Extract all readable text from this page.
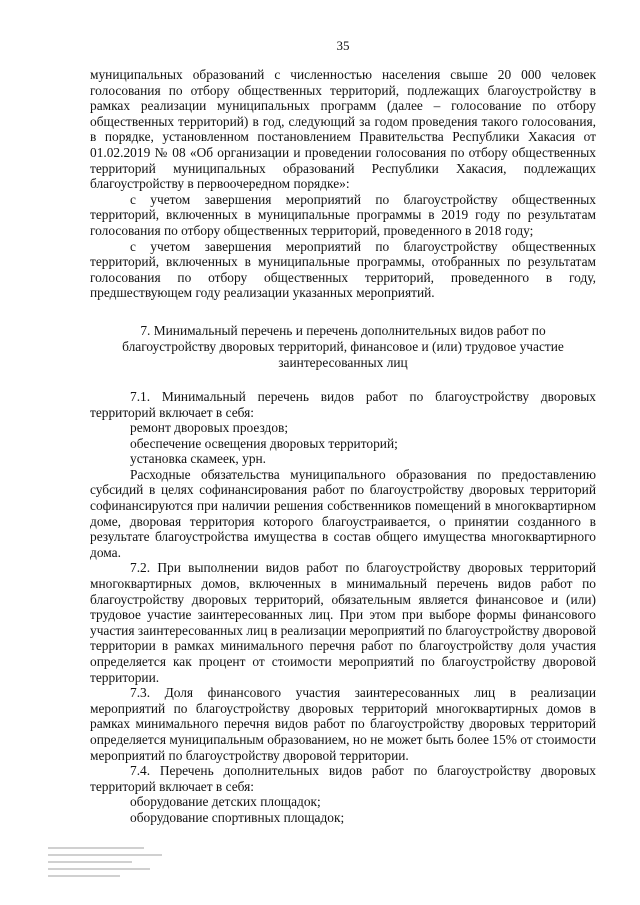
35

муниципальных образований с численностью населения свыше 20 000 человек голосования по отбору общественных территорий, подлежащих благоустройству в рамках реализации муниципальных программ (далее – голосование по отбору общественных территорий) в год, следующий за годом проведения такого голосования, в порядке, установленном постановлением Правительства Республики Хакасия от 01.02.2019 № 08 «Об организации и проведении голосования по отбору общественных территорий муниципальных образований Республики Хакасия, подлежащих благоустройству в первоочередном порядке»:

с учетом завершения мероприятий по благоустройству общественных территорий, включенных в муниципальные программы в 2019 году по результатам голосования по отбору общественных территорий, проведенного в 2018 году;

с учетом завершения мероприятий по благоустройству общественных территорий, включенных в муниципальные программы, отобранных по результатам голосования по отбору общественных территорий, проведенного в году, предшествующем году реализации указанных мероприятий.

7. Минимальный перечень и перечень дополнительных видов работ по благоустройству дворовых территорий, финансовое и (или) трудовое участие заинтересованных лиц

7.1. Минимальный перечень видов работ по благоустройству дворовых территорий включает в себя:

ремонт дворовых проездов;

обеспечение освещения дворовых территорий;

установка скамеек, урн.

Расходные обязательства муниципального образования по предоставлению субсидий в целях софинансирования работ по благоустройству дворовых территорий софинансируются при наличии решения собственников помещений в многоквартирном доме, дворовая территория которого благоустраивается, о принятии созданного в результате благоустройства имущества в состав общего имущества многоквартирного дома.

7.2. При выполнении видов работ по благоустройству дворовых территорий многоквартирных домов, включенных в минимальный перечень видов работ по благоустройству дворовых территорий, обязательным является финансовое и (или) трудовое участие заинтересованных лиц. При этом при выборе формы финансового участия заинтересованных лиц в реализации мероприятий по благоустройству дворовой территории в рамках минимального перечня работ по благоустройству доля участия определяется как процент от стоимости мероприятий по благоустройству дворовой территории.

7.3. Доля финансового участия заинтересованных лиц в реализации мероприятий по благоустройству дворовых территорий многоквартирных домов в рамках минимального перечня видов работ по благоустройству дворовых территорий определяется муниципальным образованием, но не может быть более 15% от стоимости мероприятий по благоустройству дворовой территории.

7.4. Перечень дополнительных видов работ по благоустройству дворовых территорий включает в себя:

оборудование детских площадок;

оборудование спортивных площадок;
